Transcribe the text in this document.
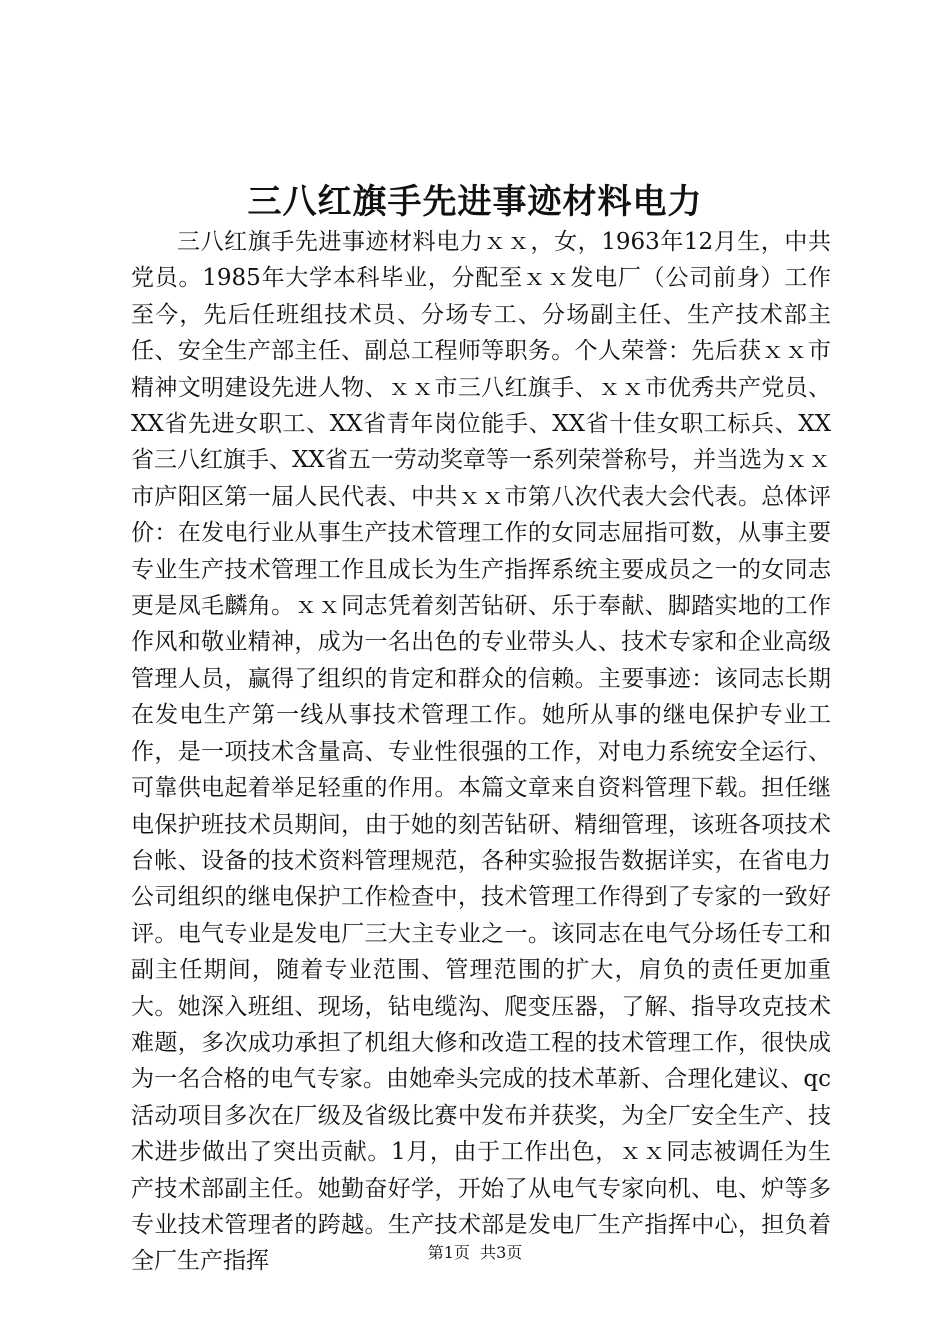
三八红旗手先进事迹材料电力

三八红旗手先进事迹材料电力ｘｘ，女，1963年12月生，中共党员。1985年大学本科毕业，分配至ｘｘ发电厂（公司前身）工作至今，先后任班组技术员、分场专工、分场副主任、生产技术部主任、安全生产部主任、副总工程师等职务。个人荣誉：先后获ｘｘ市精神文明建设先进人物、ｘｘ市三八红旗手、ｘｘ市优秀共产党员、XX省先进女职工、XX省青年岗位能手、XX省十佳女职工标兵、XX省三八红旗手、XX省五一劳动奖章等一系列荣誉称号，并当选为ｘｘ市庐阳区第一届人民代表、中共ｘｘ市第八次代表大会代表。总体评价：在发电行业从事生产技术管理工作的女同志屈指可数，从事主要专业生产技术管理工作且成长为生产指挥系统主要成员之一的女同志更是凤毛麟角。ｘｘ同志凭着刻苦钻研、乐于奉献、脚踏实地的工作作风和敬业精神，成为一名出色的专业带头人、技术专家和企业高级管理人员，赢得了组织的肯定和群众的信赖。主要事迹：该同志长期在发电生产第一线从事技术管理工作。她所从事的继电保护专业工作，是一项技术含量高、专业性很强的工作，对电力系统安全运行、可靠供电起着举足轻重的作用。本篇文章来自资料管理下载。担任继电保护班技术员期间，由于她的刻苦钻研、精细管理，该班各项技术台帐、设备的技术资料管理规范，各种实验报告数据详实，在省电力公司组织的继电保护工作检查中，技术管理工作得到了专家的一致好评。电气专业是发电厂三大主专业之一。该同志在电气分场任专工和副主任期间，随着专业范围、管理范围的扩大，肩负的责任更加重大。她深入班组、现场，钻电缆沟、爬变压器，了解、指导攻克技术难题，多次成功承担了机组大修和改造工程的技术管理工作，很快成为一名合格的电气专家。由她牵头完成的技术革新、合理化建议、qc活动项目多次在厂级及省级比赛中发布并获奖，为全厂安全生产、技术进步做出了突出贡献。1月，由于工作出色，ｘｘ同志被调任为生产技术部副主任。她勤奋好学，开始了从电气专家向机、电、炉等多专业技术管理者的跨越。生产技术部是发电厂生产指挥中心，担负着全厂生产指挥	第1页 共3页
